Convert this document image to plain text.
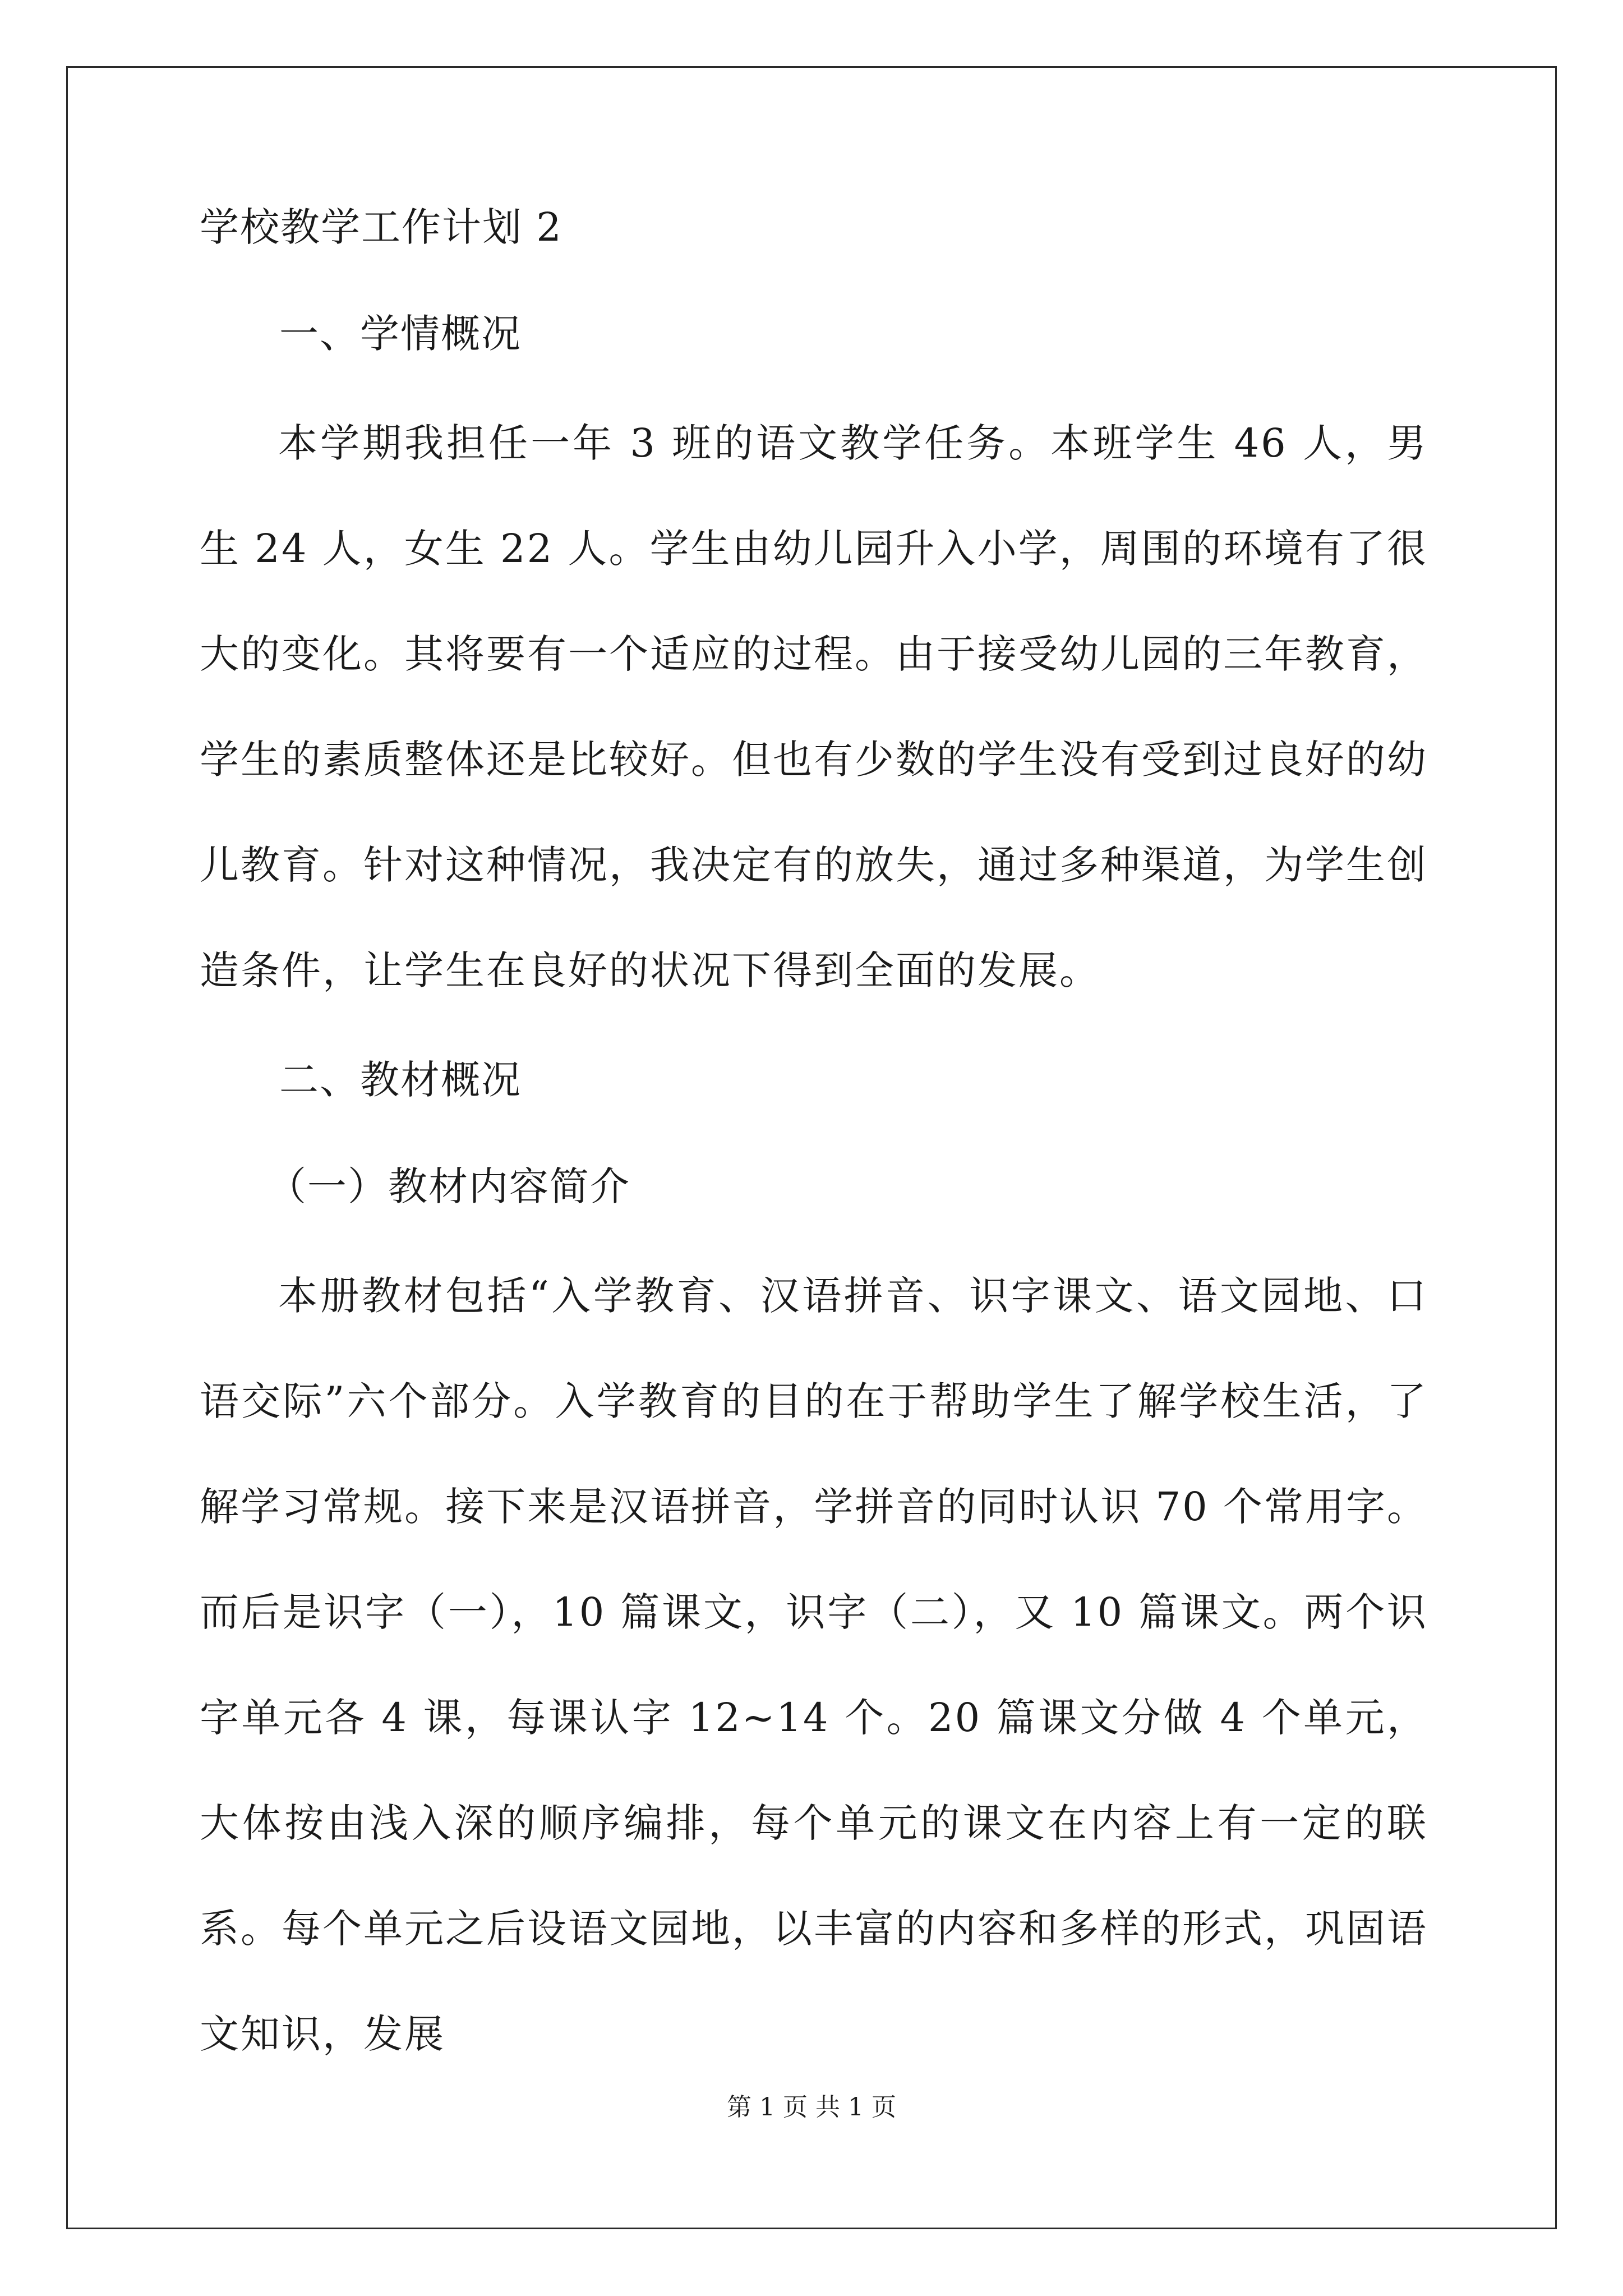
学校教学工作计划 2
一、学情概况

本学期我担任一年 3 班的语文教学任务。本班学生 46 人，男生 24 人，女生 22 人。学生由幼儿园升入小学，周围的环境有了很大的变化。其将要有一个适应的过程。由于接受幼儿园的三年教育，学生的素质整体还是比较好。但也有少数的学生没有受到过良好的幼儿教育。针对这种情况，我决定有的放失，通过多种渠道，为学生创造条件，让学生在良好的状况下得到全面的发展。

二、教材概况
（一）教材内容简介

本册教材包括“入学教育、汉语拼音、识字课文、语文园地、口语交际”六个部分。入学教育的目的在于帮助学生了解学校生活，了解学习常规。接下来是汉语拼音，学拼音的同时认识 70 个常用字。而后是识字（一），10 篇课文，识字（二），又 10 篇课文。两个识字单元各 4 课，每课认字 12~14 个。20 篇课文分做 4 个单元，大体按由浅入深的顺序编排，每个单元的课文在内容上有一定的联系。每个单元之后设语文园地，以丰富的内容和多样的形式，巩固语文知识，发展

第 1 页 共 1 页
